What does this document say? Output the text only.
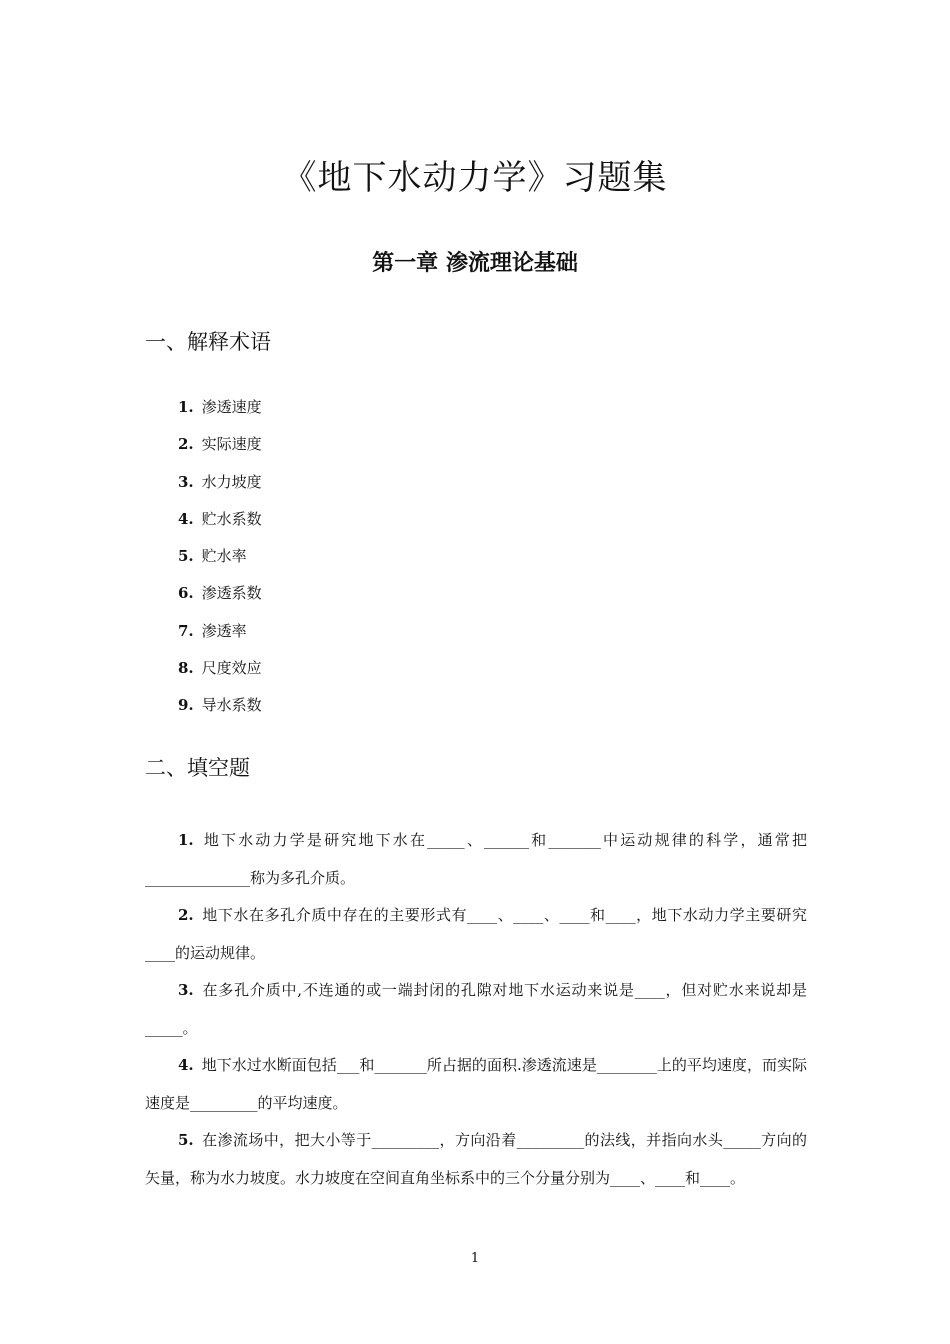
《地下水动力学》习题集
第一章 渗流理论基础
一、解释术语
1. 渗透速度
2. 实际速度
3. 水力坡度
4. 贮水系数
5. 贮水率
6. 渗透系数
7. 渗透率
8. 尺度效应
9. 导水系数
二、填空题

1. 地下水动力学是研究地下水在_____、______和_______中运动规律的科学，通常把______________称为多孔介质。

2. 地下水在多孔介质中存在的主要形式有____、____、____和____，地下水动力学主要研究____的运动规律。

3. 在多孔介质中,不连通的或一端封闭的孔隙对地下水运动来说是____，但对贮水来说却是_____。

4. 地下水过水断面包括___和_______所占据的面积.渗透流速是________上的平均速度，而实际速度是_________的平均速度。

5. 在渗流场中，把大小等于_________，方向沿着_________的法线，并指向水头_____方向的矢量，称为水力坡度。水力坡度在空间直角坐标系中的三个分量分别为____、____和____。

1
